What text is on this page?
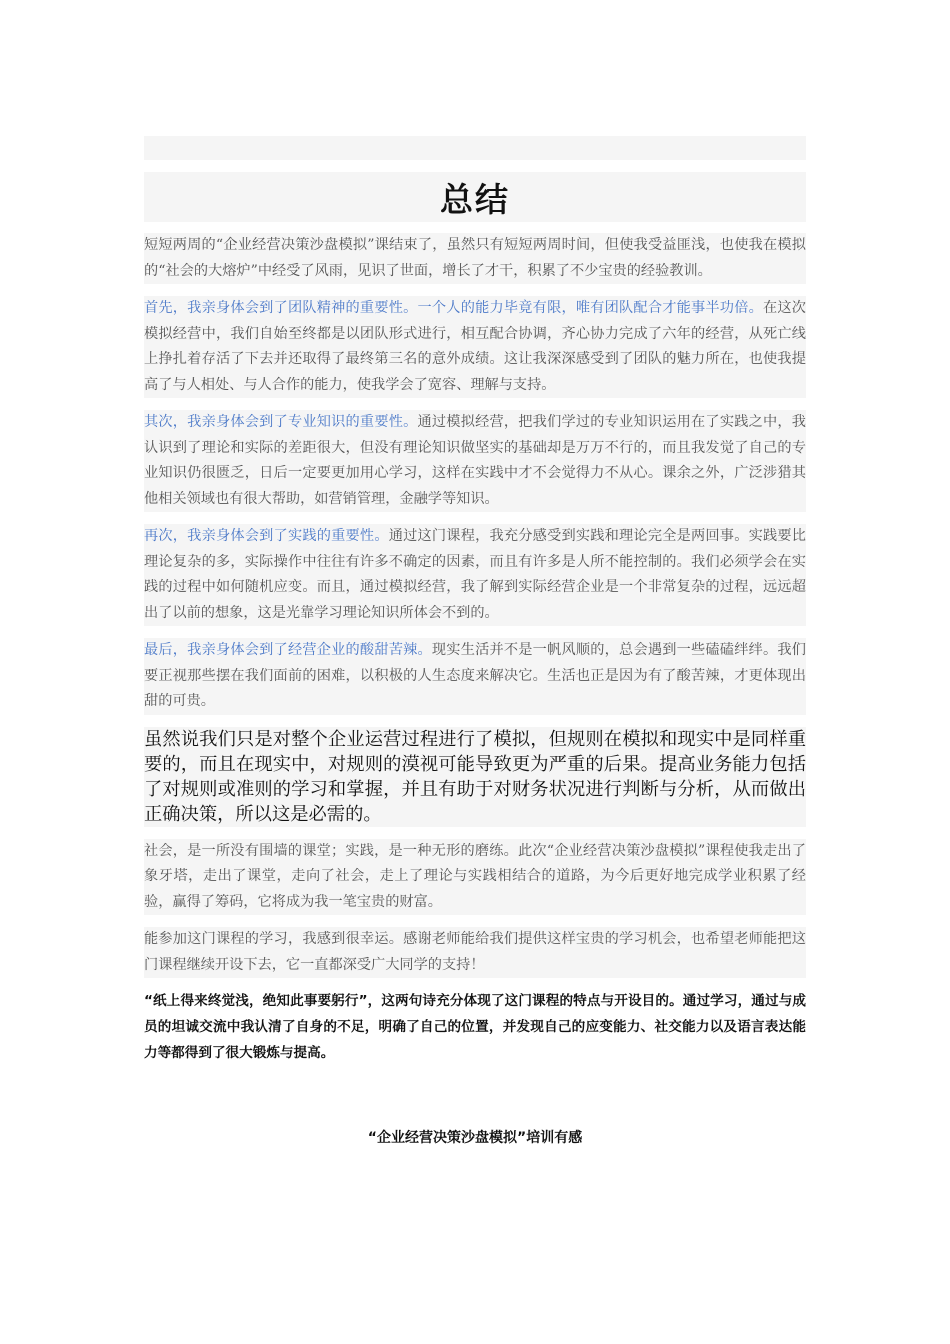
总结

短短两周的“企业经营决策沙盘模拟”课结束了，虽然只有短短两周时间，但使我受益匪浅，也使我在模拟的“社会的大熔炉”中经受了风雨，见识了世面，增长了才干，积累了不少宝贵的经验教训。

首先，我亲身体会到了团队精神的重要性。一个人的能力毕竟有限，唯有团队配合才能事半功倍。在这次模拟经营中，我们自始至终都是以团队形式进行，相互配合协调，齐心协力完成了六年的经营，从死亡线上挣扎着存活了下去并还取得了最终第三名的意外成绩。这让我深深感受到了团队的魅力所在，也使我提高了与人相处、与人合作的能力，使我学会了宽容、理解与支持。

其次，我亲身体会到了专业知识的重要性。通过模拟经营，把我们学过的专业知识运用在了实践之中，我认识到了理论和实际的差距很大，但没有理论知识做坚实的基础却是万万不行的，而且我发觉了自己的专业知识仍很匮乏，日后一定要更加用心学习，这样在实践中才不会觉得力不从心。课余之外，广泛涉猎其他相关领域也有很大帮助，如营销管理，金融学等知识。

再次，我亲身体会到了实践的重要性。通过这门课程，我充分感受到实践和理论完全是两回事。实践要比理论复杂的多，实际操作中往往有许多不确定的因素，而且有许多是人所不能控制的。我们必须学会在实践的过程中如何随机应变。而且，通过模拟经营，我了解到实际经营企业是一个非常复杂的过程，远远超出了以前的想象，这是光靠学习理论知识所体会不到的。

最后，我亲身体会到了经营企业的酸甜苦辣。现实生活并不是一帆风顺的，总会遇到一些磕磕绊绊。我们要正视那些摆在我们面前的困难，以积极的人生态度来解决它。生活也正是因为有了酸苦辣，才更体现出甜的可贵。

虽然说我们只是对整个企业运营过程进行了模拟，但规则在模拟和现实中是同样重要的，而且在现实中，对规则的漠视可能导致更为严重的后果。提高业务能力包括了对规则或准则的学习和掌握，并且有助于对财务状况进行判断与分析，从而做出正确决策，所以这是必需的。

社会，是一所没有围墙的课堂；实践，是一种无形的磨练。此次“企业经营决策沙盘模拟”课程使我走出了象牙塔，走出了课堂，走向了社会，走上了理论与实践相结合的道路，为今后更好地完成学业积累了经验，赢得了筹码，它将成为我一笔宝贵的财富。

能参加这门课程的学习，我感到很幸运。感谢老师能给我们提供这样宝贵的学习机会，也希望老师能把这门课程继续开设下去，它一直都深受广大同学的支持！

“纸上得来终觉浅，绝知此事要躬行”，这两句诗充分体现了这门课程的特点与开设目的。通过学习，通过与成员的坦诚交流中我认清了自身的不足，明确了自己的位置，并发现自己的应变能力、社交能力以及语言表达能力等都得到了很大锻炼与提高。

“企业经营决策沙盘模拟”培训有感
